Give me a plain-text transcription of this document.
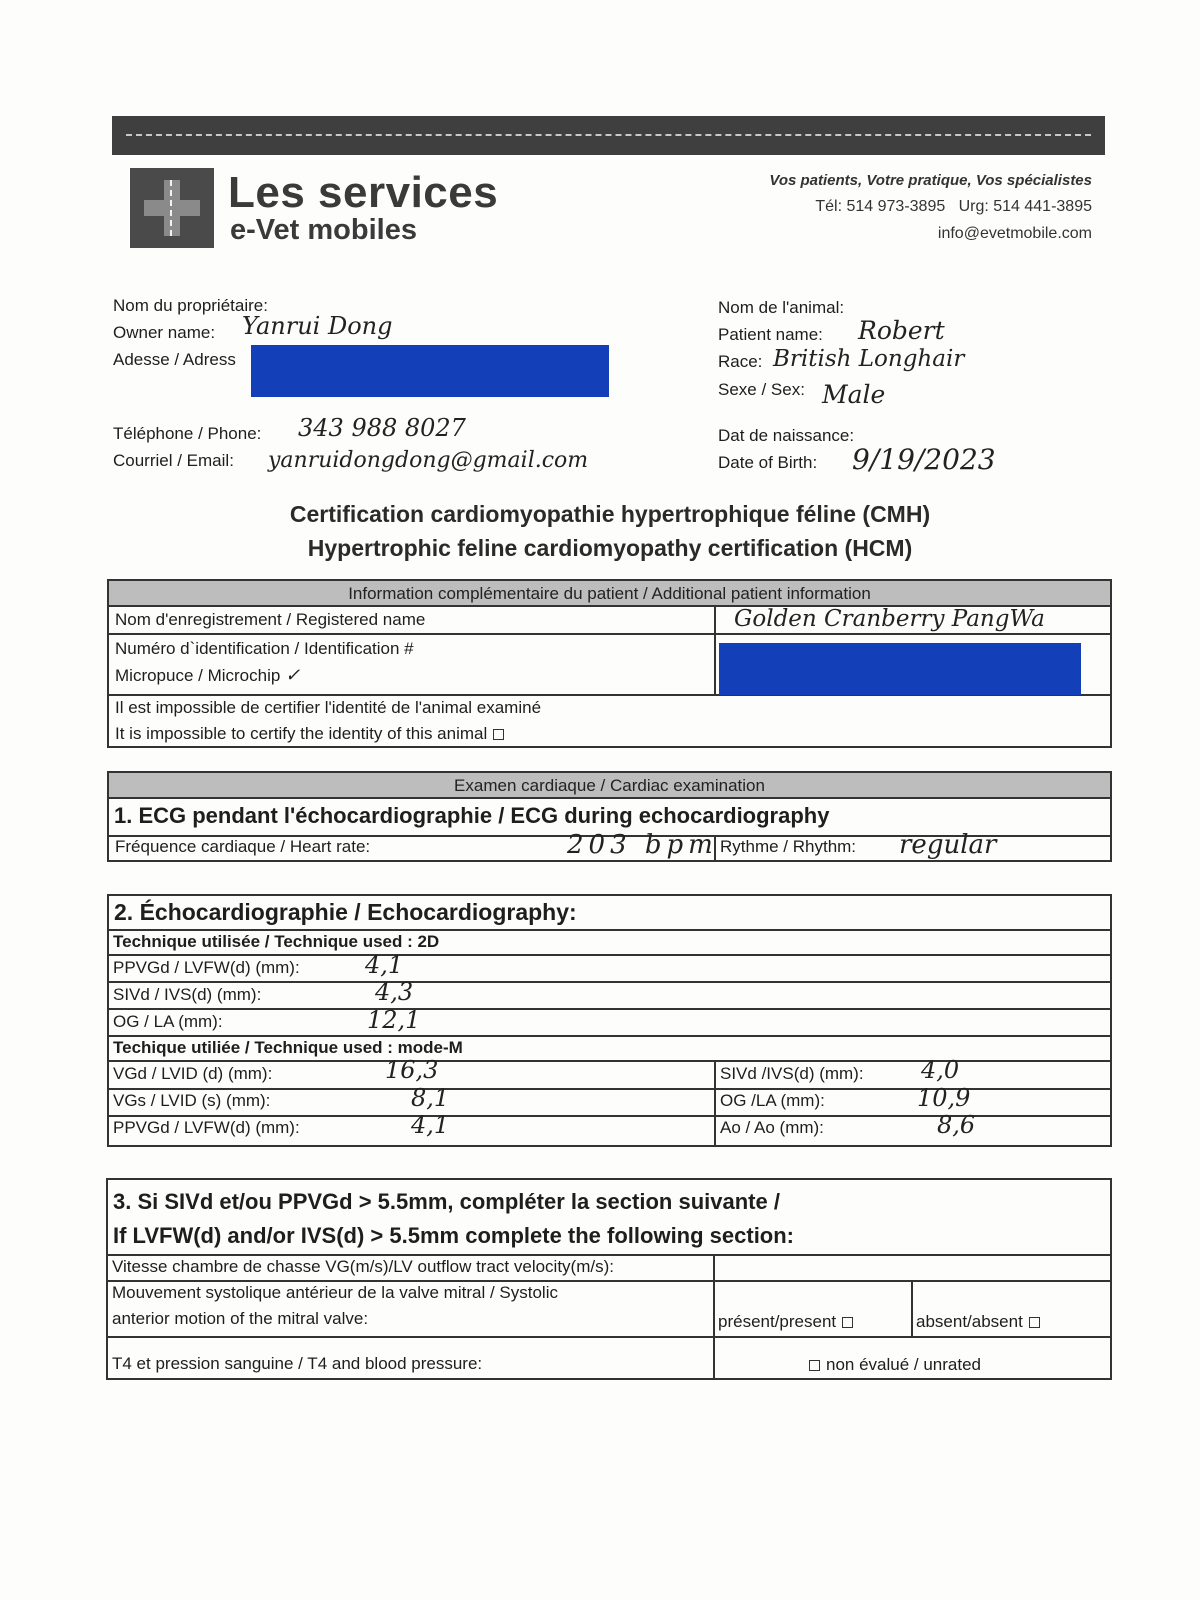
Les services
e-Vet mobiles
Vos patients, Votre pratique, Vos spécialistes
Tél: 514 973-3895   Urg: 514 441-3895
info@evetmobile.com
Nom du propriétaire:
Owner name: Yanrui Dong
Adesse / Adress
Téléphone / Phone: 343 988 8027
Courriel / Email: yanruidongdong@gmail.com
Nom de l'animal:
Patient name: Robert
Race: British Longhair
Sexe / Sex: Male
Dat de naissance:
Date of Birth: 9/19/2023
Certification cardiomyopathie hypertrophique féline (CMH)
Hypertrophic feline cardiomyopathy certification (HCM)
Information complémentaire du patient / Additional patient information
Nom d'enregistrement / Registered name	Golden Cranberry PangWa
Numéro d`identification / Identification #
Micropuce / Microchip ✓
Il est impossible de certifier l'identité de l'animal examiné
It is impossible to certify the identity of this animal
Examen cardiaque / Cardiac examination
1. ECG pendant l'échocardiographie / ECG during echocardiography
Fréquence cardiaque / Heart rate:	203 bpm Rythme / Rhythm: regular
2. Échocardiographie / Echocardiography:
Technique utilisée / Technique used : 2D
PPVGd / LVFW(d) (mm):	4,1
SIVd / IVS(d) (mm):	4,3
OG / LA (mm):	12,1
Techique utiliée / Technique used : mode-M
VGd / LVID (d) (mm):	16,3	SIVd /IVS(d) (mm): 4,0
VGs / LVID (s) (mm):	8,1	OG /LA (mm):	10,9
PPVGd / LVFW(d) (mm):	4,1	Ao / Ao (mm):	8,6
3. Si SIVd et/ou PPVGd > 5.5mm, compléter la section suivante /
If LVFW(d) and/or IVS(d) > 5.5mm complete the following section:
Vitesse chambre de chasse VG(m/s)/LV outflow tract velocity(m/s):
Mouvement systolique antérieur de la valve mitral / Systolic
anterior motion of the mitral valve:	présent/present	absent/absent
T4 et pression sanguine / T4 and blood pressure:	non évalué / unrated
